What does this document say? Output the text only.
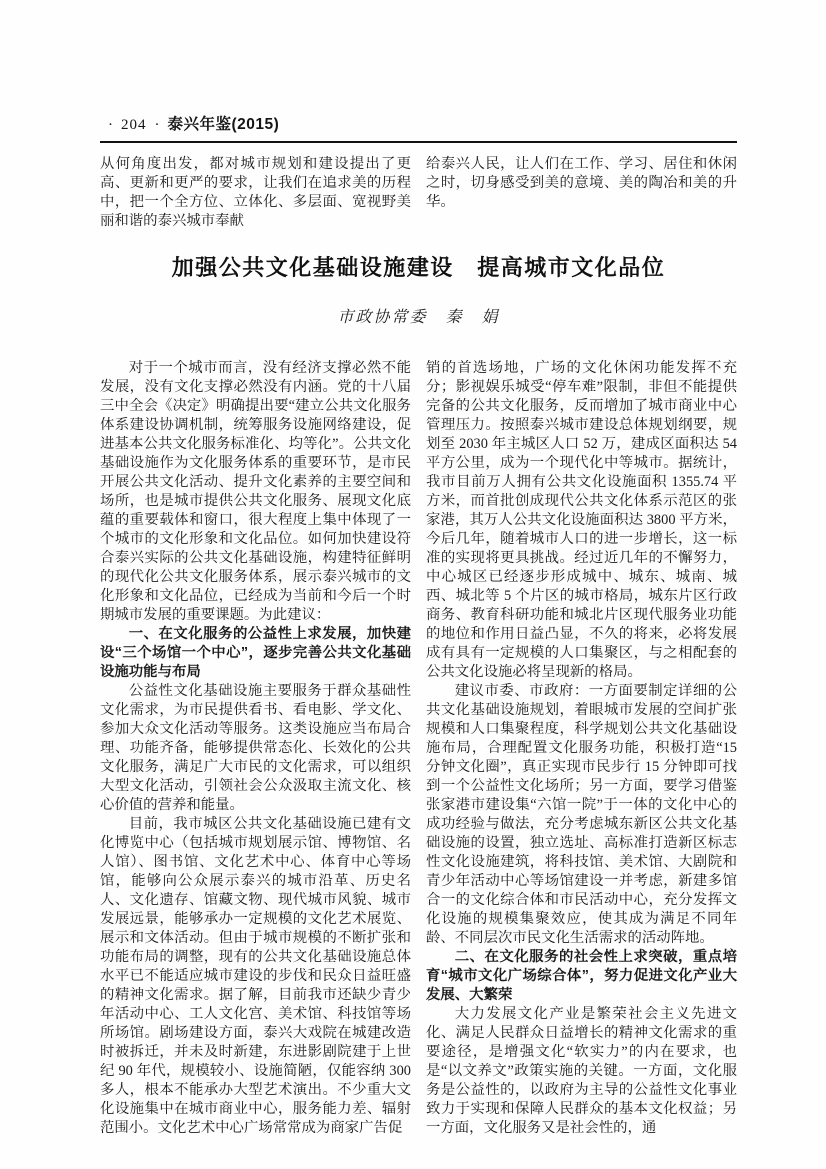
· 204 · 泰兴年鉴(2015)

从何角度出发，都对城市规划和建设提出了更高、更新和更严的要求，让我们在追求美的历程中，把一个全方位、立体化、多层面、宽视野美丽和谐的泰兴城市奉献

给泰兴人民，让人们在工作、学习、居住和休闲之时，切身感受到美的意境、美的陶冶和美的升华。

加强公共文化基础设施建设　提高城市文化品位
市政协常委　秦　娟

对于一个城市而言，没有经济支撑必然不能发展，没有文化支撑必然没有内涵。党的十八届三中全会《决定》明确提出要“建立公共文化服务体系建设协调机制，统筹服务设施网络建设，促进基本公共文化服务标准化、均等化”。公共文化基础设施作为文化服务体系的重要环节，是市民开展公共文化活动、提升文化素养的主要空间和场所，也是城市提供公共文化服务、展现文化底蕴的重要载体和窗口，很大程度上集中体现了一个城市的文化形象和文化品位。如何加快建设符合泰兴实际的公共文化基础设施，构建特征鲜明的现代化公共文化服务体系，展示泰兴城市的文化形象和文化品位，已经成为当前和今后一个时期城市发展的重要课题。为此建议：

一、在文化服务的公益性上求发展，加快建设“三个场馆一个中心”，逐步完善公共文化基础设施功能与布局

公益性文化基础设施主要服务于群众基础性文化需求，为市民提供看书、看电影、学文化、参加大众文化活动等服务。这类设施应当布局合理、功能齐备，能够提供常态化、长效化的公共文化服务，满足广大市民的文化需求，可以组织大型文化活动，引领社会公众汲取主流文化、核心价值的营养和能量。

目前，我市城区公共文化基础设施已建有文化博览中心（包括城市规划展示馆、博物馆、名人馆）、图书馆、文化艺术中心、体育中心等场馆，能够向公众展示泰兴的城市沿革、历史名人、文化遗存、馆藏文物、现代城市风貌、城市发展远景，能够承办一定规模的文化艺术展览、展示和文体活动。但由于城市规模的不断扩张和功能布局的调整，现有的公共文化基础设施总体水平已不能适应城市建设的步伐和民众日益旺盛的精神文化需求。据了解，目前我市还缺少青少年活动中心、工人文化宫、美术馆、科技馆等场所场馆。剧场建设方面，泰兴大戏院在城建改造时被拆迁，并未及时新建，东进影剧院建于上世纪 90 年代，规模较小、设施简陋，仅能容纳 300 多人，根本不能承办大型艺术演出。不少重大文化设施集中在城市商业中心，服务能力差、辐射范围小。文化艺术中心广场常常成为商家广告促

销的首选场地，广场的文化休闲功能发挥不充分；影视娱乐城受“停车难”限制，非但不能提供完备的公共文化服务，反而增加了城市商业中心管理压力。按照泰兴城市建设总体规划纲要，规划至 2030 年主城区人口 52 万，建成区面积达 54 平方公里，成为一个现代化中等城市。据统计，我市目前万人拥有公共文化设施面积 1355.74 平方米，而首批创成现代公共文化体系示范区的张家港，其万人公共文化设施面积达 3800 平方米，今后几年，随着城市人口的进一步增长，这一标准的实现将更具挑战。经过近几年的不懈努力，中心城区已经逐步形成城中、城东、城南、城西、城北等 5 个片区的城市格局，城东片区行政商务、教育科研功能和城北片区现代服务业功能的地位和作用日益凸显，不久的将来，必将发展成有具有一定规模的人口集聚区，与之相配套的公共文化设施必将呈现新的格局。

建议市委、市政府：一方面要制定详细的公共文化基础设施规划，着眼城市发展的空间扩张规模和人口集聚程度，科学规划公共文化基础设施布局，合理配置文化服务功能，积极打造“15 分钟文化圈”，真正实现市民步行 15 分钟即可找到一个公益性文化场所；另一方面，要学习借鉴张家港市建设集“六馆一院”于一体的文化中心的成功经验与做法，充分考虑城东新区公共文化基础设施的设置，独立选址、高标准打造新区标志性文化设施建筑，将科技馆、美术馆、大剧院和青少年活动中心等场馆建设一并考虑，新建多馆合一的文化综合体和市民活动中心，充分发挥文化设施的规模集聚效应，使其成为满足不同年龄、不同层次市民文化生活需求的活动阵地。

二、在文化服务的社会性上求突破，重点培育“城市文化广场综合体”，努力促进文化产业大发展、大繁荣

大力发展文化产业是繁荣社会主义先进文化、满足人民群众日益增长的精神文化需求的重要途径，是增强文化“软实力”的内在要求，也是“以文养文”政策实施的关键。一方面，文化服务是公益性的，以政府为主导的公益性文化事业致力于实现和保障人民群众的基本文化权益；另一方面，文化服务又是社会性的，通
